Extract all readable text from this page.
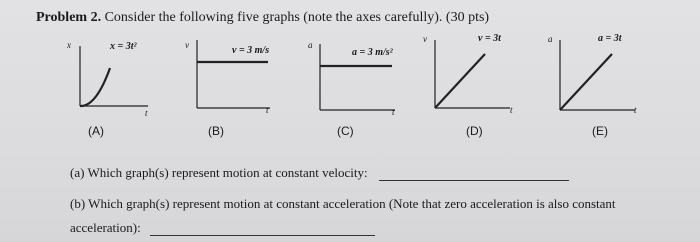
Problem 2. Consider the following five graphs (note the axes carefully). (30 pts)
x	x = 3t²
t
v	v = 3 m/s
t
a
a = 3 m/s²
t
v	v = 3t
t
a	a = 3t
t
(A)	(B)	(C)	(D)	(E)
(a) Which graph(s) represent motion at constant velocity:
(b) Which graph(s) represent motion at constant acceleration (Note that zero acceleration is also constant
acceleration):
